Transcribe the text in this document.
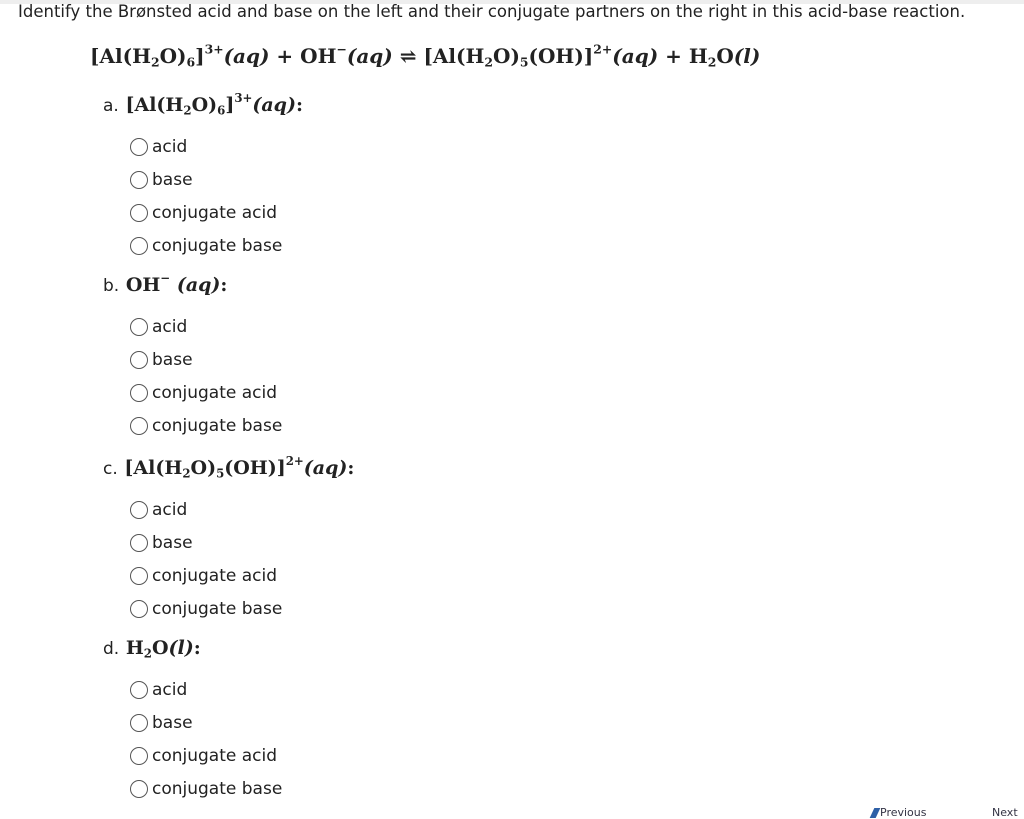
Identify the Brønsted acid and base on the left and their conjugate partners on the right in this acid-base reaction.
$[Al(H_2O)_6]^{3+}(aq) + OH^-(aq)$ ⇌ $[Al(H_2O)_5(OH)]^{2+}(aq) + H_2O(l)$
a. $[Al(H_2O)_6]^{3+}(aq)$:
acid
base
conjugate acid
conjugate base
b. OH− (aq):
acid
base
conjugate acid
conjugate base
c. $[Al(H_2O)_5(OH)]^{2+}(aq)$:
acid
base
conjugate acid
conjugate base
d. $H_2O(l)$:
acid
base
conjugate acid
conjugate base
Previous	Next
